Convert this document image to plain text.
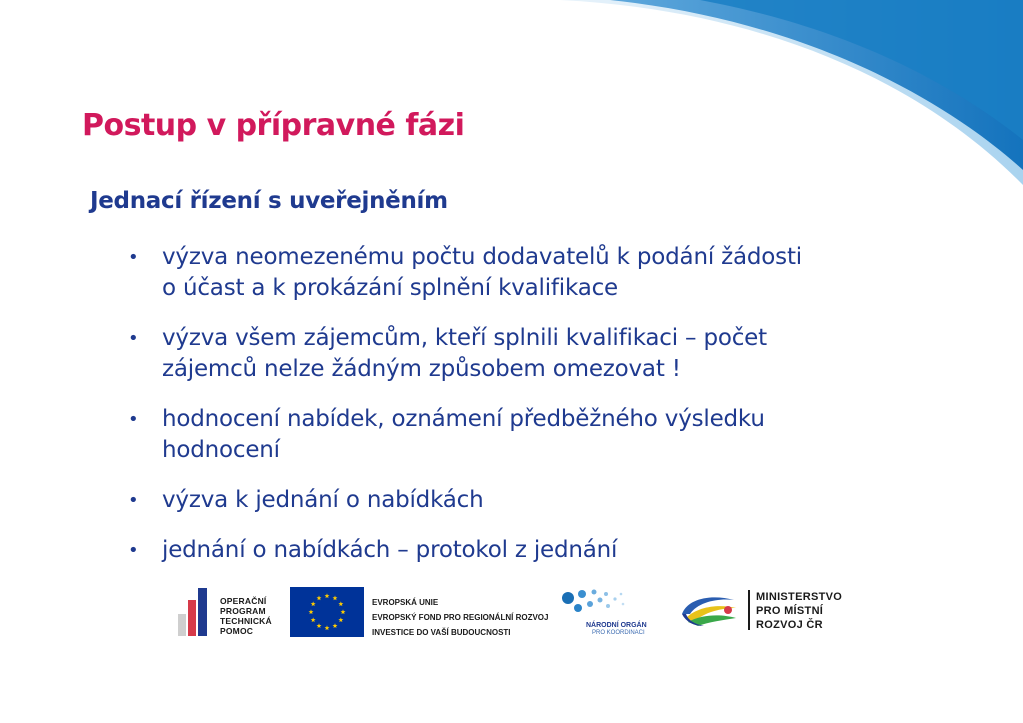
Postup v přípravné fázi
Jednací řízení s uveřejněním
• výzva neomezenému počtu dodavatelů k podání žádosti
o účast a k prokázání splnění kvalifikace
• výzva všem zájemcům, kteří splnili kvalifikaci – počet
zájemců nelze žádným způsobem omezovat !
• hodnocení nabídek, oznámení předběžného výsledku
hodnocení
• výzva k jednání o nabídkách
• jednání o nabídkách – protokol z jednání
OPERAČNÍ
PROGRAM
TECHNICKÁ
POMOC
EVROPSKÁ UNIE
EVROPSKÝ FOND PRO REGIONÁLNÍ ROZVOJ
INVESTICE DO VAŠÍ BUDOUCNOSTI
NÁRODNÍ ORGÁN
PRO KOORDINACI
MINISTERSTVO
PRO MÍSTNÍ
ROZVOJ ČR
